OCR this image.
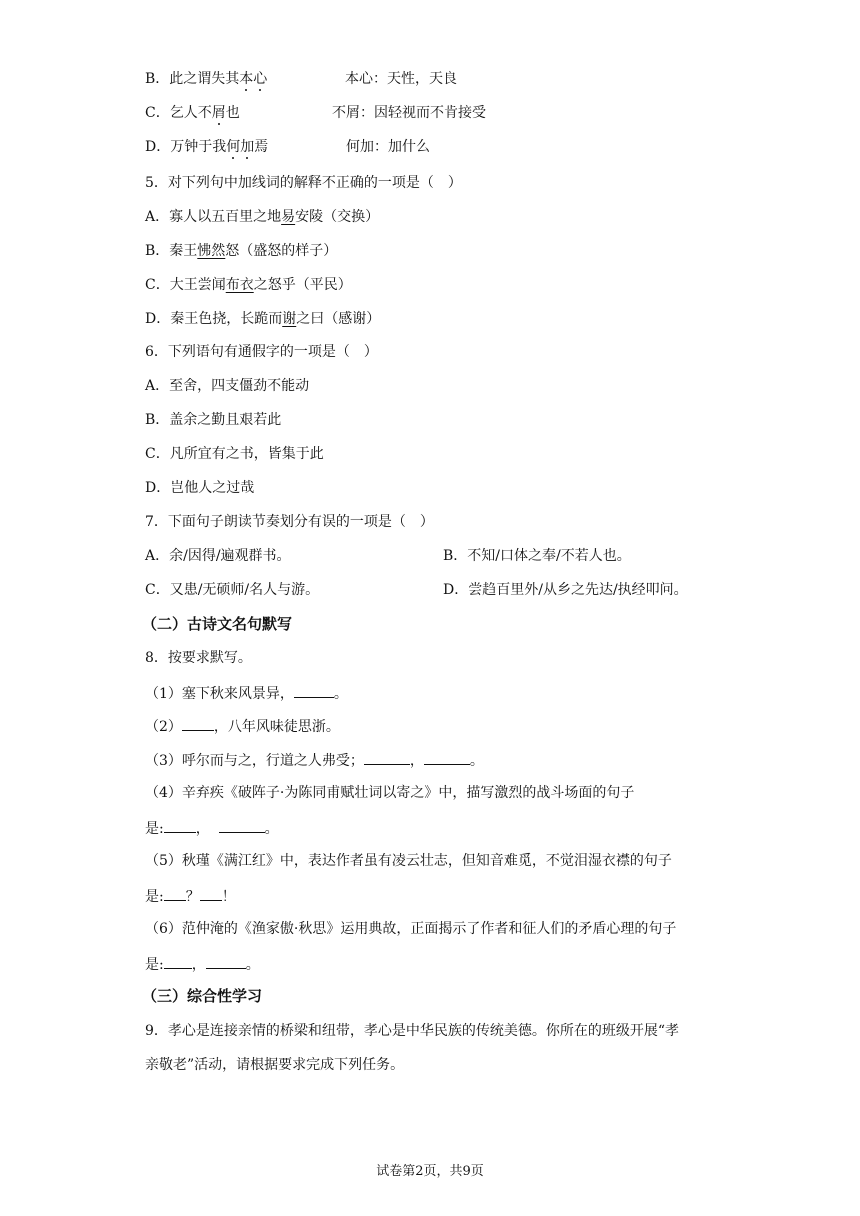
B．此之谓失其本心	本心：天性，天良
C．乞人不屑也	不屑：因轻视而不肯接受
D．万钟于我何加焉	何加：加什么
5．对下列句中加线词的解释不正确的一项是（　）
A．寡人以五百里之地易安陵（交换）
B．秦王怫然怒（盛怒的样子）
C．大王尝闻布衣之怒乎（平民）
D．秦王色挠，长跪而谢之曰（感谢）
6．下列语句有通假字的一项是（　）
A．至舍，四支僵劲不能动
B．盖余之勤且艰若此
C．凡所宜有之书，皆集于此
D．岂他人之过哉
7．下面句子朗读节奏划分有误的一项是（　）
A．余/因得/遍观群书。	B．不知/口体之奉/不若人也。
C．又患/无硕师/名人与游。	D．尝趋百里外/从乡之先达/执经叩问。
（二）古诗文名句默写
8．按要求默写。
（1）塞下秋来风景异，	。
（2） ，八年风味徒思浙。
（3）呼尔而与之，行道之人弗受；	，	。
（4）辛弃疾《破阵子·为陈同甫赋壮词以寄之》中，描写激烈的战斗场面的句子
是: ，	。
（5）秋瑾《满江红》中，表达作者虽有凌云壮志，但知音难觅，不觉泪湿衣襟的句子
是: ？ ！
（6）范仲淹的《渔家傲·秋思》运用典故，正面揭示了作者和征人们的矛盾心理的句子
是: ，	。
（三）综合性学习
9．孝心是连接亲情的桥梁和纽带，孝心是中华民族的传统美德。你所在的班级开展“孝
亲敬老”活动，请根据要求完成下列任务。
试卷第2页，共9页
